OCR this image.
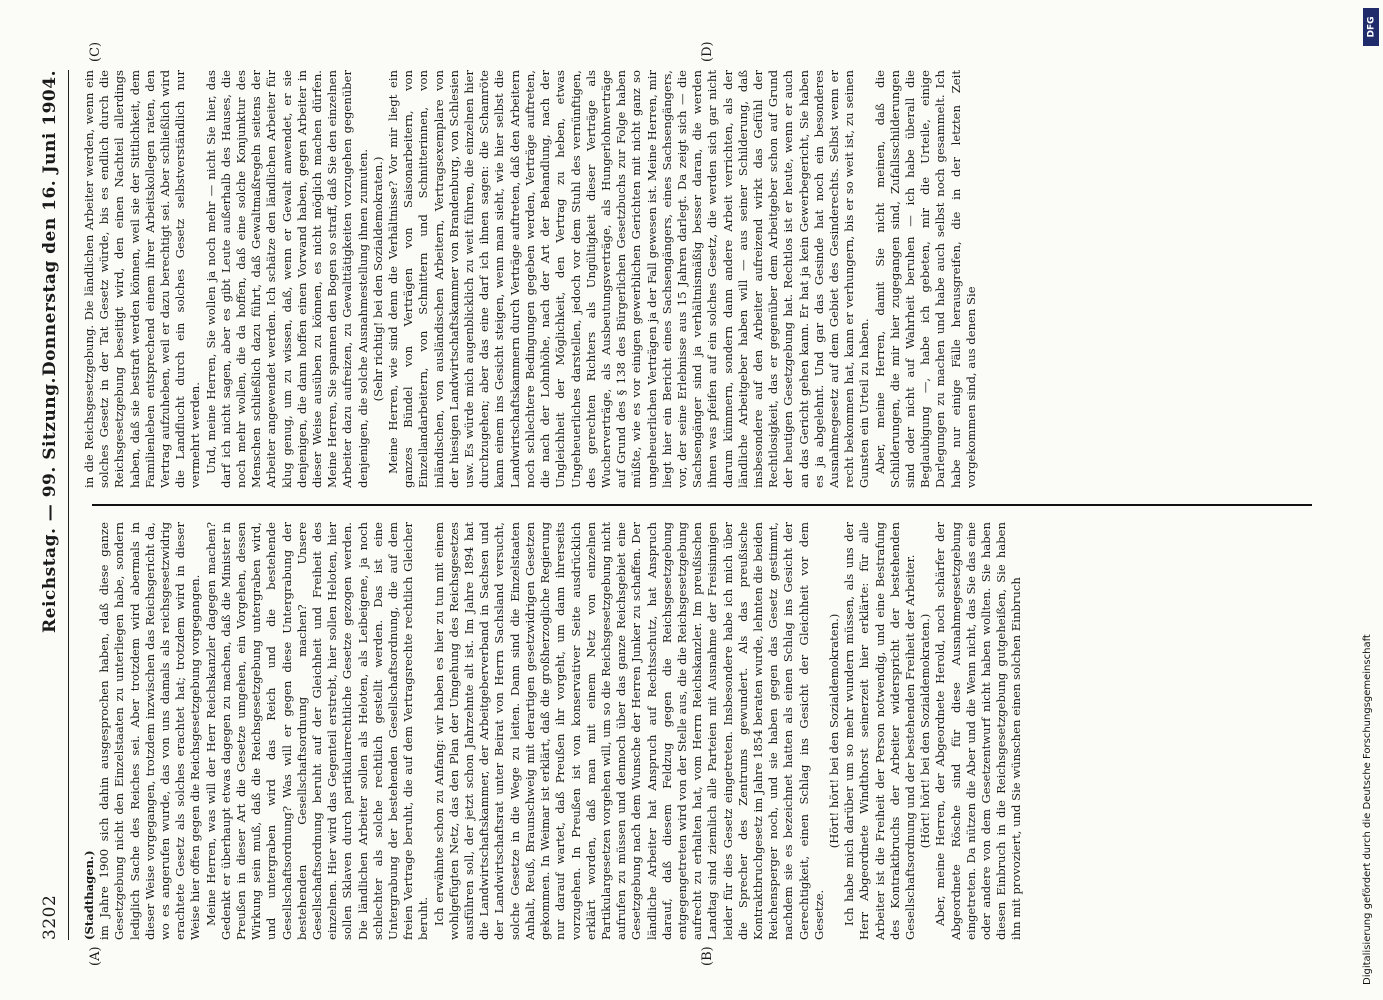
3202
Reichstag. — 99. Sitzung.
Donnerstag den 16. Juni 1904.
(A)	(B)
(C)	(D)

(Stadthagen.) im Jahre 1900 sich dahin ausgesprochen haben, daß diese ganze Gesetzgebung nicht den Einzelstaaten zu unterliegen habe, sondern lediglich Sache des Reiches sei. Aber trotzdem wird abermals in dieser Weise vorgegangen, trotzdem inzwischen das Reichsgericht da, wo es angerufen wurde, das von uns damals als reichsgesetzwidrig erachtete Gesetz als solches erachtet hat; trotzdem wird in dieser Weise hier offen gegen die Reichsgesetzgebung vorgegangen. Meine Herren, was will der Herr Reichskanzler dagegen machen? Gedenkt er überhaupt etwas dagegen zu machen, daß die Minister in Preußen in dieser Art die Gesetze umgehen, ein Vorgehen, dessen Wirkung sein muß, daß die Reichsgesetzgebung untergraben wird, und untergraben wird das Reich und die bestehende Gesellschaftsordnung? Was will er gegen diese Untergrabung der bestehenden Gesellschaftsordnung machen? Unsere Gesellschaftsordnung beruht auf der Gleichheit und Freiheit des einzelnen. Hier wird das Gegenteil erstrebt, hier sollen Heloten, hier sollen Sklaven durch partikularrechtliche Gesetze gezogen werden. Die ländlichen Arbeiter sollen als Heloten, als Leibeigene, ja noch schlechter als solche rechtlich gestellt werden. Das ist eine Untergrabung der bestehenden Gesellschaftsordnung, die auf dem freien Vertrage beruht, die auf dem Vertragsrechte rechtlich Gleicher beruht. Ich erwähnte schon zu Anfang: wir haben es hier zu tun mit einem wohlgefügten Netz, das den Plan der Umgehung des Reichsgesetzes ausführen soll, der jetzt schon Jahrzehnte alt ist. Im Jahre 1894 hat die Landwirtschaftskammer, der Arbeitgeberverband in Sachsen und der Landwirtschaftsrat unter Beirat von Herrn Sachsland versucht, solche Gesetze in die Wege zu leiten. Dann sind die Einzelstaaten Anhalt, Reuß, Braunschweig mit derartigen gesetzwidrigen Gesetzen gekommen. In Weimar ist erklärt, daß die großherzogliche Regierung nur darauf wartet, daß Preußen ihr vorgeht, um dann ihrerseits vorzugehen. In Preußen ist von konservativer Seite ausdrücklich erklärt worden, daß man mit einem Netz von einzelnen Partikulargesetzen vorgehen will, um so die Reichsgesetzgebung nicht aufrufen zu müssen und dennoch über das ganze Reichsgebiet eine Gesetzgebung nach dem Wunsche der Herren Junker zu schaffen. Der ländliche Arbeiter hat Anspruch auf Rechtsschutz, hat Anspruch darauf, daß diesem Feldzug gegen die Reichsgesetzgebung entgegengetreten wird von der Stelle aus, die die Reichsgesetzgebung aufrecht zu erhalten hat, vom Herrn Reichskanzler. Im preußischen Landtag sind ziemlich alle Parteien mit Ausnahme der Freisinnigen leider für dies Gesetz eingetreten. Insbesondere habe ich mich über die Sprecher des Zentrums gewundert. Als das preußische Kontraktbruchgesetz im Jahre 1854 beraten wurde, lehnten die beiden Reichensperger noch, und sie haben gegen das Gesetz gestimmt, nachdem sie es bezeichnet hatten als einen Schlag ins Gesicht der Gerechtigkeit, einen Schlag ins Gesicht der Gleichheit vor dem Gesetze.

(Hört! hört! bei den Sozialdemokraten.) Ich habe mich darüber um so mehr wundern müssen, als uns der Herr Abgeordnete Windthorst seinerzeit hier erklärte: für alle Arbeiter ist die Freiheit der Person notwendig, und eine Bestrafung des Kontraktbruchs der Arbeiter widerspricht der bestehenden Gesellschaftsordnung und der bestehenden Freiheit der Arbeiter. (Hört! hört! bei den Sozialdemokraten.) Aber, meine Herren, der Abgeordnete Herold, noch schärfer der Abgeordnete Rösche sind für diese Ausnahmegesetzgebung eingetreten. Da nützen die Aber und die Wenn nicht, das Sie das eine oder andere von dem Gesetzentwurf nicht haben wollten. Sie haben diesen Einbruch in die Reichsgesetzgebung gutgeheißen, Sie haben ihn mit provoziert, und Sie wünschen einen solchen Einbruch

in die Reichsgesetzgebung. Die ländlichen Arbeiter werden, wenn ein solches Gesetz in der Tat Gesetz würde, bis es endlich durch die Reichsgesetzgebung beseitigt wird, den einen Nachteil allerdings haben, daß sie bestraft werden können, weil sie der Sittlichkeit, dem Familienleben entsprechend einem ihrer Arbeitskollegen raten, den Vertrag aufzuheben, weil er dazu berechtigt sei. Aber schließlich wird die Landflucht durch ein solches Gesetz selbstverständlich nur vermehrt werden. Und, meine Herren, Sie wollen ja noch mehr — nicht Sie hier, das darf ich nicht sagen, aber es gibt Leute außerhalb des Hauses, die noch mehr wollen, die da hoffen, daß eine solche Konjunktur des Menschen schließlich dazu führt, daß Gewaltmaßregeln seitens der Arbeiter angewendet werden. Ich schätze den ländlichen Arbeiter für klug genug, um zu wissen, daß, wenn er Gewalt anwendet, er sie denjenigen, die dann hoffen einen Vorwand haben, gegen Arbeiter in dieser Weise ausüben zu können, es nicht möglich machen dürfen. Meine Herren, Sie spannen den Bogen so straff, daß Sie den einzelnen Arbeiter dazu aufreizen, zu Gewalttätigkeiten vorzugehen gegenüber denjenigen, die solche Ausnahmestellung ihnen zumuten. (Sehr richtig! bei den Sozialdemokraten.) Meine Herren, wie sind denn die Verhältnisse? Vor mir liegt ein ganzes Bündel von Verträgen von Saisonarbeitern, von Einzellandarbeitern, von Schnittern und Schnitterinnen, von inländischen, von ausländischen Arbeitern, Vertragsexemplare von der hiesigen Landwirtschaftskammer von Brandenburg, von Schlesien usw. Es würde mich augenblicklich zu weit führen, die einzelnen hier durchzugehen; aber das eine darf ich ihnen sagen: die Schamröte kann einem ins Gesicht steigen, wenn man sieht, wie hier selbst die Landwirtschaftskammern durch Verträge auftreten, daß den Arbeitern noch schlechtere Bedingungen gegeben werden, Verträge auftreten, die nach der Lohnhöhe, nach der Art der Behandlung, nach der Ungleichheit der Möglichkeit, den Vertrag zu heben, etwas Ungeheuerliches darstellen, jedoch vor dem Stuhl des vernünftigen, des gerechten Richters als Ungültigkeit dieser Verträge als Wucherverträge, als Ausbeutungsverträge, als Hungerlohnverträge auf Grund des § 138 des Bürgerlichen Gesetzbuchs zur Folge haben müßte, wie es vor einigen gewerblichen Gerichten mit nicht ganz so ungeheuerlichen Verträgen ja der Fall gewesen ist. Meine Herren, mir liegt hier ein Bericht eines Sachsengängers, eines Sachsengängers, vor, der seine Erlebnisse aus 15 Jahren darlegt. Da zeigt sich — die Sachsengänger sind ja verhältnismäßig besser daran, die werden ihnen was pfeifen auf ein solches Gesetz, die werden sich gar nicht darum kümmern, sondern dann andere Arbeit verrichten, als der ländliche Arbeitgeber haben will — aus seiner Schilderung, daß insbesondere auf den Arbeiter aufreizend wirkt das Gefühl der Rechtlosigkeit, das er gegenüber dem Arbeitgeber schon auf Grund der heutigen Gesetzgebung hat. Rechtlos ist er heute, wenn er auch an das Gericht gehen kann. Er hat ja kein Gewerbegericht, Sie haben es ja abgelehnt. Und gar das Gesinde hat noch ein besonderes Ausnahmegesetz auf dem Gebiet des Gesinderechts. Selbst wenn er recht bekommen hat, kann er verhungern, bis er so weit ist, zu seinen Gunsten ein Urteil zu haben. Aber, meine Herren, damit Sie nicht meinen, daß die Schilderungen, die mir hier zugegangen sind, Zufallsschilderungen sind oder nicht auf Wahrheit beruhen — ich habe überall die Beglaubigung —, habe ich gebeten, mir die Urteile, einige Darlegungen zu machen und habe auch selbst noch gesammelt. Ich habe nur einige Fälle herausgreifen, die in der letzten Zeit vorgekommen sind, aus denen Sie

DFG
Digitalisierung gefördert durch die Deutsche Forschungsgemeinschaft
